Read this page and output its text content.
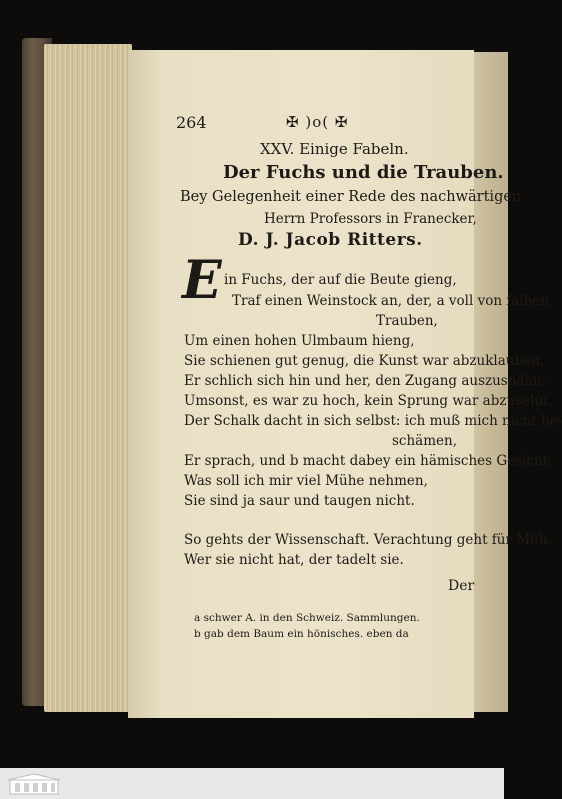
264	✠ )o( ✠
XXV. Einige Fabeln.
Der Fuchs und die Trauben.
Bey Gelegenheit einer Rede des nachwärtigen
Herrn Professors in Franecker,
D. J. Jacob Ritters.
E in Fuchs, der auf die Beute gieng,
Traf einen Weinstock an, der, a voll von falben
Trauben,
Um einen hohen Ulmbaum hieng,
Sie schienen gut genug, die Kunst war abzuklauben.
Er schlich sich hin und her, den Zugang auszuspähn;
Umsonst, es war zu hoch, kein Sprung war abzusehn.
Der Schalk dacht in sich selbst: ich muß mich nicht be-
schämen,
Er sprach, und b macht dabey ein hämisches Gesicht,
Was soll ich mir viel Mühe nehmen,
Sie sind ja saur und taugen nicht.
So gehts der Wissenschaft. Verachtung geht für Müh.
Wer sie nicht hat, der tadelt sie.
Der
a schwer A. in den Schweiz. Sammlungen.
b gab dem Baum ein hönisches. eben da
